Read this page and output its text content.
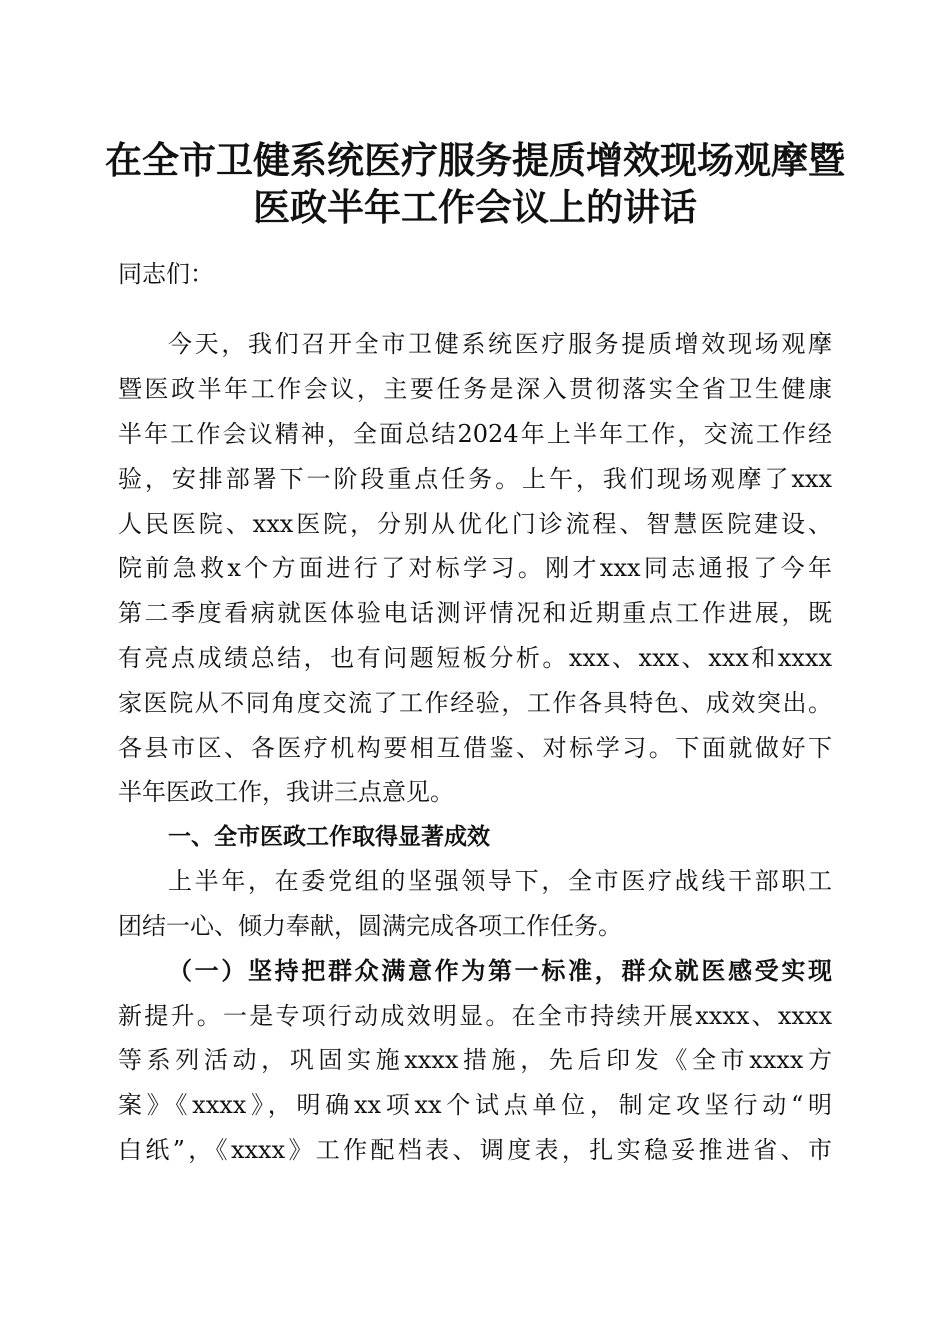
在全市卫健系统医疗服务提质增效现场观摩暨
医政半年工作会议上的讲话
同志们：
今天，我们召开全市卫健系统医疗服务提质增效现场观摩
暨医政半年工作会议，主要任务是深入贯彻落实全省卫生健康
半年工作会议精神，全面总结2024年上半年工作，交流工作经
验，安排部署下一阶段重点任务。上午，我们现场观摩了xxx
人民医院、xxx医院，分别从优化门诊流程、智慧医院建设、
院前急救x个方面进行了对标学习。刚才xxx同志通报了今年
第二季度看病就医体验电话测评情况和近期重点工作进展，既
有亮点成绩总结，也有问题短板分析。xxx、xxx、xxx和xxxx
家医院从不同角度交流了工作经验，工作各具特色、成效突出。
各县市区、各医疗机构要相互借鉴、对标学习。下面就做好下
半年医政工作，我讲三点意见。
一、全市医政工作取得显著成效
上半年，在委党组的坚强领导下，全市医疗战线干部职工
团结一心、倾力奉献，圆满完成各项工作任务。
（一）坚持把群众满意作为第一标准，群众就医感受实现
新提升。一是专项行动成效明显。在全市持续开展xxxx、xxxx
等系列活动，巩固实施xxxx措施，先后印发《全市xxxx方
案》《xxxx》，明确xx项xx个试点单位，制定攻坚行动“明
白纸”，《xxxx》工作配档表、调度表，扎实稳妥推进省、市
